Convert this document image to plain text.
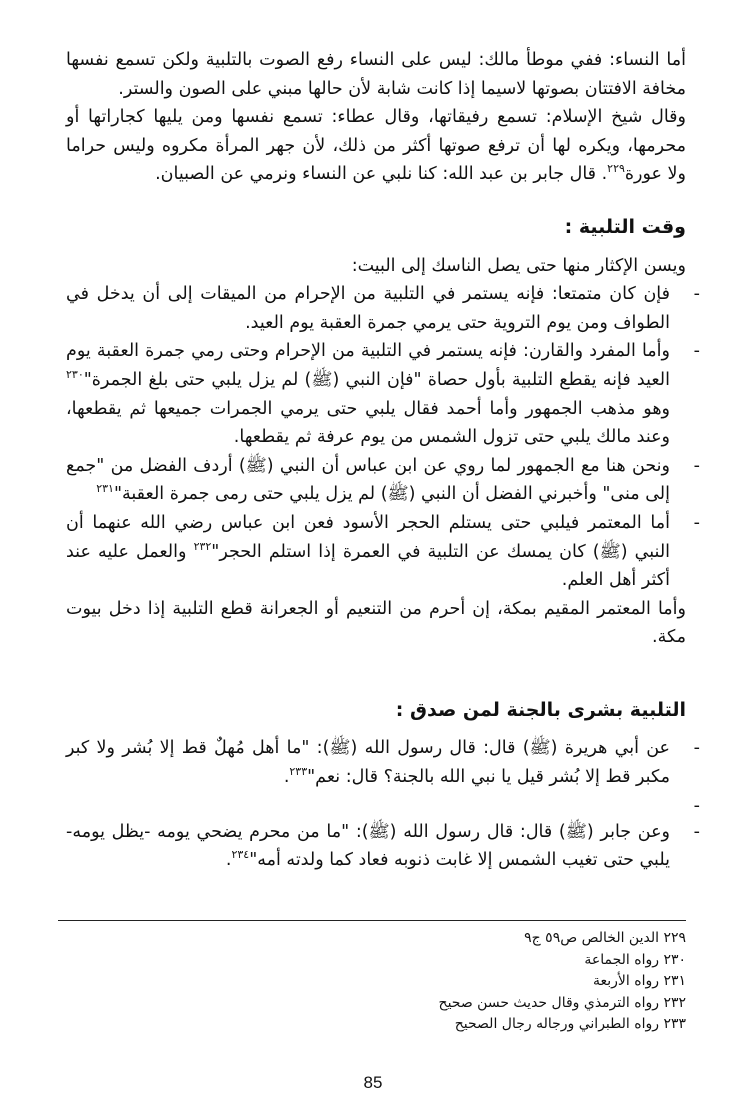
أما النساء: ففي موطأ مالك: ليس على النساء رفع الصوت بالتلبية ولكن تسمع نفسها مخافة الافتتان بصوتها لاسيما إذا كانت شابة لأن حالها مبني على الصون والستر.

وقال شيخ الإسلام: تسمع رفيقاتها، وقال عطاء: تسمع نفسها ومن يليها كجاراتها أو محرمها، ويكره لها أن ترفع صوتها أكثر من ذلك، لأن جهر المرأة مكروه وليس حراما ولا عورة$^{٢٢٩}$. قال جابر بن عبد الله: كنا نلبي عن النساء ونرمي عن الصبيان.

وقت التلبية :

ويسن الإكثار منها حتى يصل الناسك إلى البيت:

- فإن كان متمتعا: فإنه يستمر في التلبية من الإحرام من الميقات إلى أن يدخل في الطواف ومن يوم التروية حتى يرمي جمرة العقبة يوم العيد.
- وأما المفرد والقارن: فإنه يستمر في التلبية من الإحرام وحتى رمي جمرة العقبة يوم العيد فإنه يقطع التلبية بأول حصاة "فإن النبي (ﷺ) لم يزل يلبي حتى بلغ الجمرة"$^{٢٣٠}$ وهو مذهب الجمهور وأما أحمد فقال يلبي حتى يرمي الجمرات جميعها ثم يقطعها، وعند مالك يلبي حتى تزول الشمس من يوم عرفة ثم يقطعها.
- ونحن هنا مع الجمهور لما روي عن ابن عباس أن النبي (ﷺ) أردف الفضل من "جمع إلى منى" وأخبرني الفضل أن النبي (ﷺ) لم يزل يلبي حتى رمى جمرة العقبة"$^{٢٣١}$
- أما المعتمر فيلبي حتى يستلم الحجر الأسود فعن ابن عباس رضي الله عنهما أن النبي (ﷺ) كان يمسك عن التلبية في العمرة إذا استلم الحجر"$^{٢٣٢}$ والعمل عليه عند أكثر أهل العلم.

وأما المعتمر المقيم بمكة، إن أحرم من التنعيم أو الجعرانة قطع التلبية إذا دخل بيوت مكة.

التلبية بشرى بالجنة لمن صدق :
- عن أبي هريرة (ﷺ) قال: قال رسول الله (ﷺ): "ما أهل مُهلٌ قط إلا بُشر ولا كبر مكبر قط إلا بُشر قيل يا نبي الله بالجنة؟ قال: نعم"$^{٢٣٣}$.
-
- وعن جابر (ﷺ) قال: قال رسول الله (ﷺ): "ما من محرم يضحي يومه -يظل يومه- يلبي حتى تغيب الشمس إلا غابت ذنوبه فعاد كما ولدته أمه"$^{٢٣٤}$.
٢٢٩ الدين الخالص ص٥٩ ج٩
٢٣٠ رواه الجماعة
٢٣١ رواه الأربعة
٢٣٢ رواه الترمذي وقال حديث حسن صحيح
٢٣٣ رواه الطبراني ورجاله رجال الصحيح
85
